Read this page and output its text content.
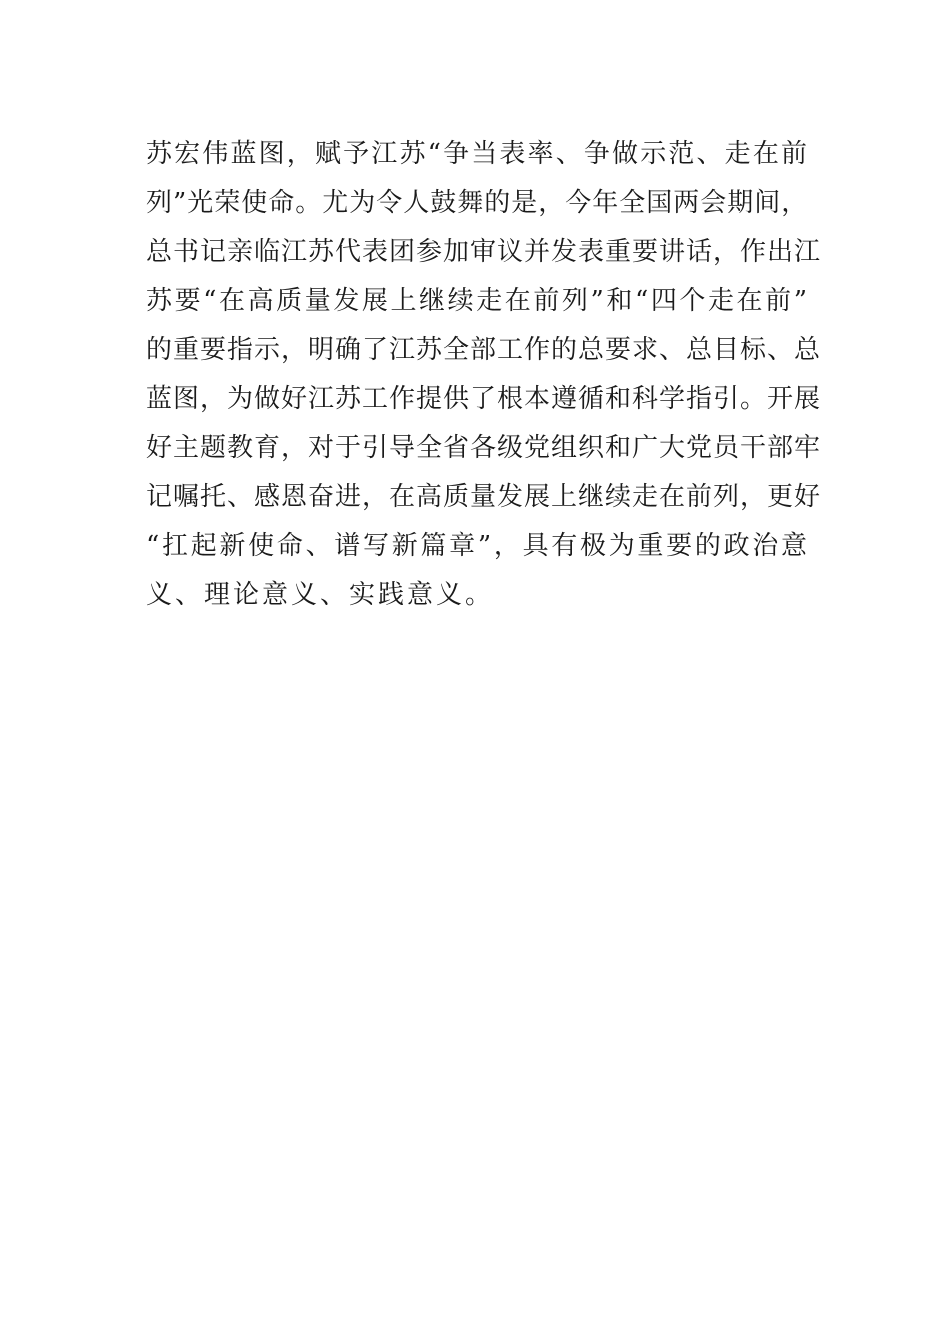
苏宏伟蓝图，赋予江苏“争当表率、争做示范、走在前
列”光荣使命。尤为令人鼓舞的是，今年全国两会期间，
总书记亲临江苏代表团参加审议并发表重要讲话，作出江
苏要“在高质量发展上继续走在前列”和“四个走在前”
的重要指示，明确了江苏全部工作的总要求、总目标、总
蓝图，为做好江苏工作提供了根本遵循和科学指引。开展
好主题教育，对于引导全省各级党组织和广大党员干部牢
记嘱托、感恩奋进，在高质量发展上继续走在前列，更好
“扛起新使命、谱写新篇章”，具有极为重要的政治意
义、理论意义、实践意义。
